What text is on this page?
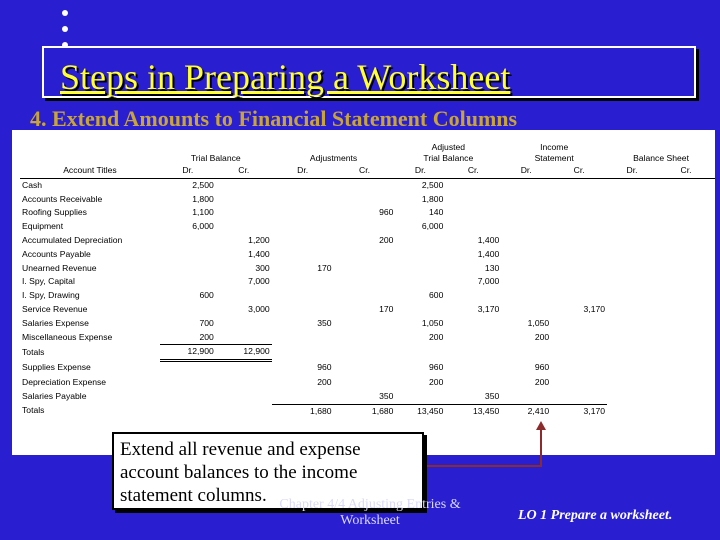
Steps in Preparing a Worksheet
4. Extend Amounts to Financial Statement Columns
					Adjusted		Income			
	Trial Balance		Adjustments		Trial Balance		Statement		Balance Sheet	
Account Titles	Dr.	Cr.	Dr.	Cr.	Dr.	Cr.	Dr.	Cr.	Dr.	Cr.
Cash	2,500				2,500					
Accounts Receivable	1,800				1,800					
Roofing Supplies	1,100			960	140					
Equipment	6,000				6,000					
Accumulated Depreciation		1,200		200		1,400				
Accounts Payable		1,400				1,400				
Unearned Revenue		300	170			130				
I. Spy, Capital		7,000				7,000				
I. Spy, Drawing	600				600					
Service Revenue		3,000		170		3,170		3,170		
Salaries Expense	700		350		1,050		1,050			
Miscellaneous Expense	200				200		200			
Totals	12,900	12,900								
Supplies Expense			960		960		960			
Depreciation Expense			200		200		200			
Salaries Payable				350		350				
Totals			1,680	1,680	13,450	13,450	2,410	3,170		
Extend all revenue and expense account balances to the income statement columns. Chapter 4/4 Adjusting Entries & Worksheet	LO 1 Prepare a worksheet.
